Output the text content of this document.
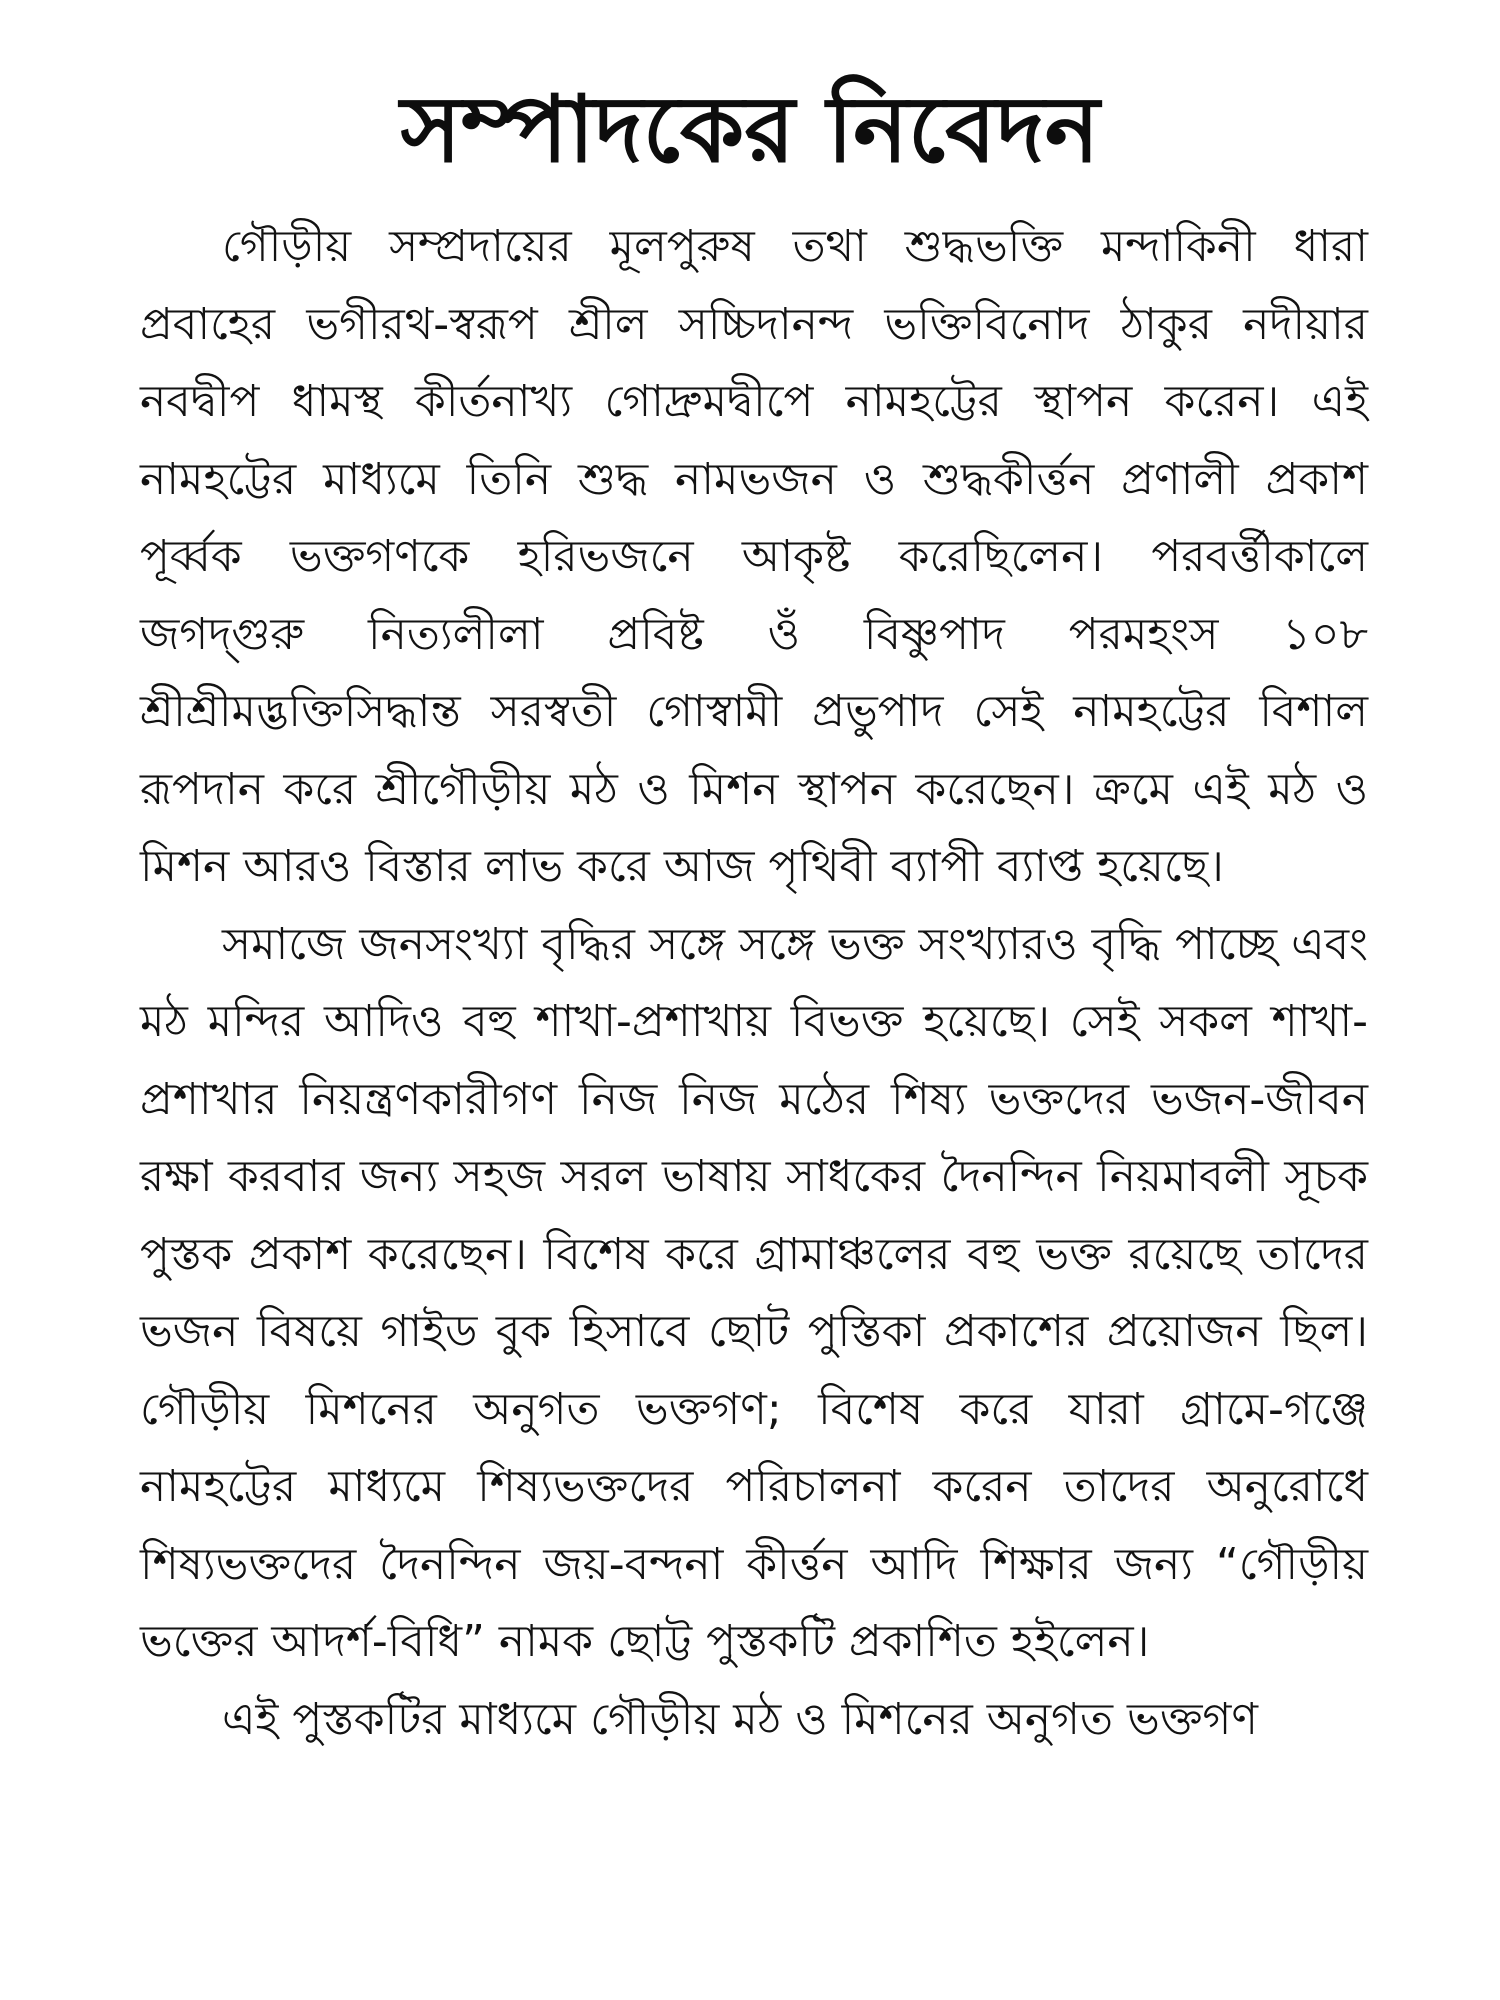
সম্পাদকের নিবেদন

গৌড়ীয় সম্প্রদায়ের মূলপুরুষ তথা শুদ্ধভক্তি মন্দাকিনী ধারা প্রবাহের ভগীরথ-স্বরূপ শ্রীল সচ্চিদানন্দ ভক্তিবিনোদ ঠাকুর নদীয়ার নবদ্বীপ ধামস্থ কীর্তনাখ্য গোদ্রুমদ্বীপে নামহট্টের স্থাপন করেন। এই নামহট্টের মাধ্যমে তিনি শুদ্ধ নামভজন ও শুদ্ধকীর্ত্তন প্রণালী প্রকাশ পূর্ব্বক ভক্তগণকে হরিভজনে আকৃষ্ট করেছিলেন। পরবর্ত্তীকালে জগদ্‌গুরু নিত্যলীলা প্রবিষ্ট ওঁ বিষ্ণুপাদ পরমহংস ১০৮ শ্রীশ্রীমদ্ভক্তিসিদ্ধান্ত সরস্বতী গোস্বামী প্রভুপাদ সেই নামহট্টের বিশাল রূপদান করে শ্রীগৌড়ীয় মঠ ও মিশন স্থাপন করেছেন। ক্রমে এই মঠ ও মিশন আরও বিস্তার লাভ করে আজ পৃথিবী ব্যাপী ব্যাপ্ত হয়েছে।

সমাজে জনসংখ্যা বৃদ্ধির সঙ্গে সঙ্গে ভক্ত সংখ্যারও বৃদ্ধি পাচ্ছে এবং মঠ মন্দির আদিও বহু শাখা-প্রশাখায় বিভক্ত হয়েছে। সেই সকল শাখা-প্রশাখার নিয়ন্ত্রণকারীগণ নিজ নিজ মঠের শিষ্য ভক্তদের ভজন-জীবন রক্ষা করবার জন্য সহজ সরল ভাষায় সাধকের দৈনন্দিন নিয়মাবলী সূচক পুস্তক প্রকাশ করেছেন। বিশেষ করে গ্রামাঞ্চলের বহু ভক্ত রয়েছে তাদের ভজন বিষয়ে গাইড বুক হিসাবে ছোট পুস্তিকা প্রকাশের প্রয়োজন ছিল। গৌড়ীয় মিশনের অনুগত ভক্তগণ; বিশেষ করে যারা গ্রামে-গঞ্জে নামহট্টের মাধ্যমে শিষ্যভক্তদের পরিচালনা করেন তাদের অনুরোধে শিষ্যভক্তদের দৈনন্দিন জয়-বন্দনা কীর্ত্তন আদি শিক্ষার জন্য “গৌড়ীয় ভক্তের আদর্শ-বিধি” নামক ছোট্ট পুস্তকটি প্রকাশিত হইলেন।

এই পুস্তকটির মাধ্যমে গৌড়ীয় মঠ ও মিশনের অনুগত ভক্তগণ
